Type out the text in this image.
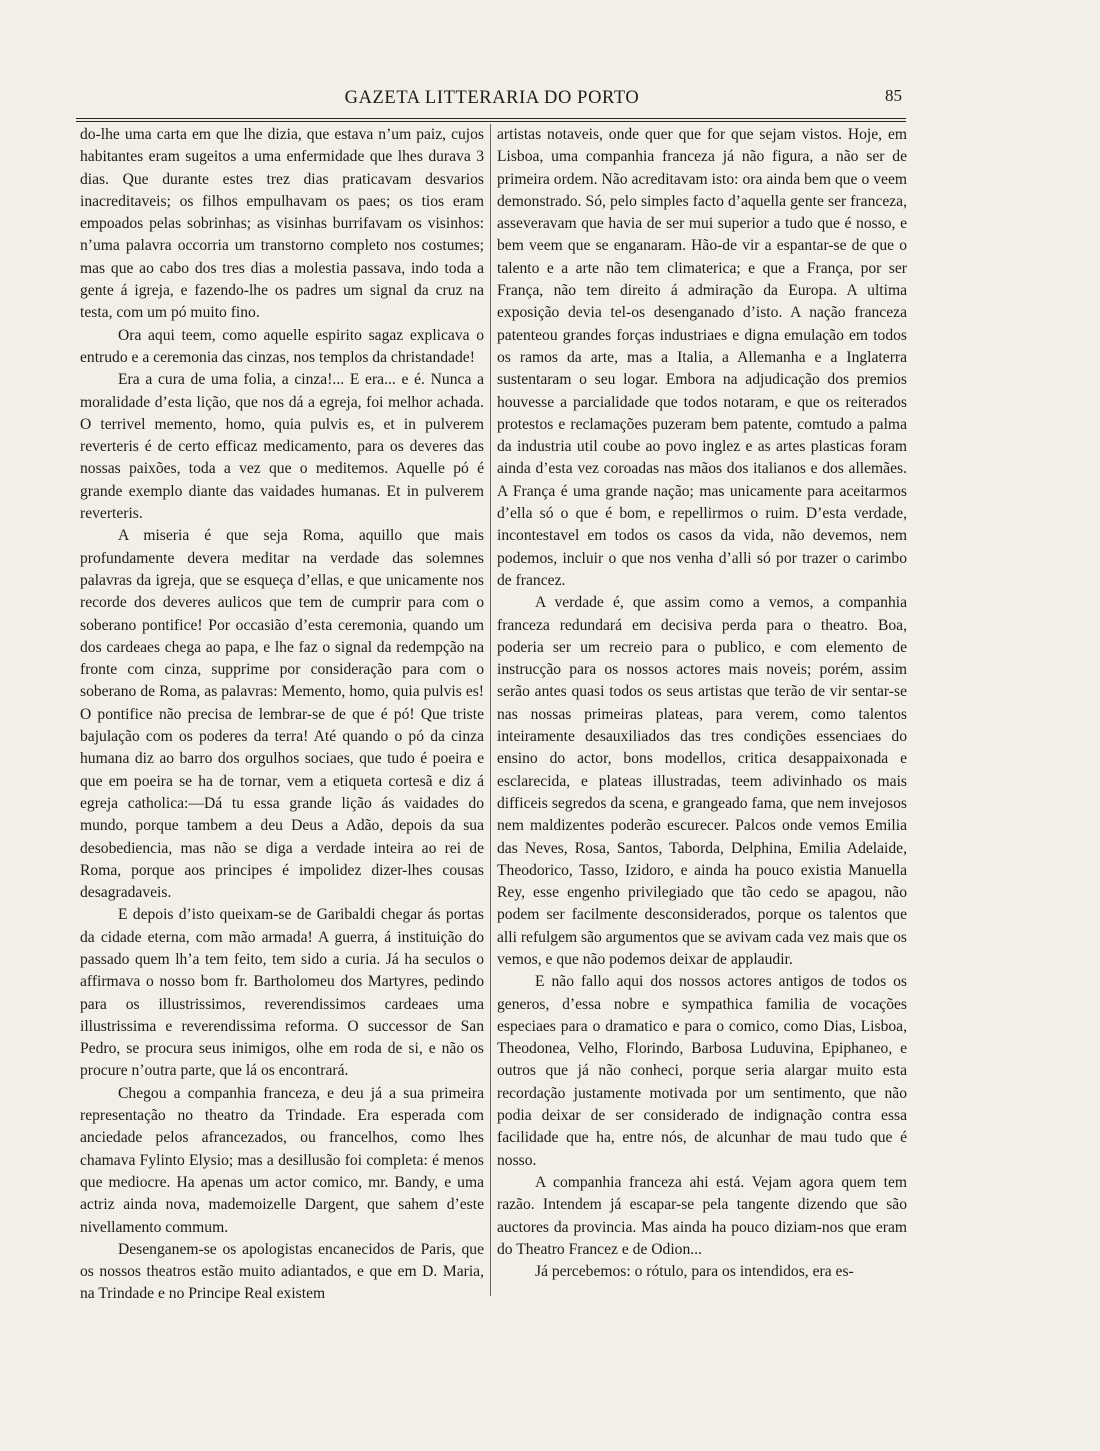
GAZETA LITTERARIA DO PORTO	85

do-lhe uma carta em que lhe dizia, que estava n’um paiz, cujos habitantes eram sugeitos a uma enfermidade que lhes durava 3 dias. Que durante estes trez dias praticavam desvarios inacreditaveis; os filhos empulhavam os paes; os tios eram empoados pelas sobrinhas; as visinhas burrifavam os visinhos: n’uma palavra occorria um transtorno completo nos costumes; mas que ao cabo dos tres dias a molestia passava, indo toda a gente á igreja, e fazendo-lhe os padres um signal da cruz na testa, com um pó muito fino.

Ora aqui teem, como aquelle espirito sagaz explicava o entrudo e a ceremonia das cinzas, nos templos da christandade!

Era a cura de uma folia, a cinza!... E era... e é. Nunca a moralidade d’esta lição, que nos dá a egreja, foi melhor achada. O terrivel memento, homo, quia pulvis es, et in pulverem reverteris é de certo efficaz medicamento, para os deveres das nossas paixões, toda a vez que o meditemos. Aquelle pó é grande exemplo diante das vaidades humanas. Et in pulverem reverteris.

A miseria é que seja Roma, aquillo que mais profundamente devera meditar na verdade das solemnes palavras da igreja, que se esqueça d’ellas, e que unicamente nos recorde dos deveres aulicos que tem de cumprir para com o soberano pontifice! Por occasião d’esta ceremonia, quando um dos cardeaes chega ao papa, e lhe faz o signal da redempção na fronte com cinza, supprime por consideração para com o soberano de Roma, as palavras: Memento, homo, quia pulvis es! O pontifice não precisa de lembrar-se de que é pó! Que triste bajulação com os poderes da terra! Até quando o pó da cinza humana diz ao barro dos orgulhos sociaes, que tudo é poeira e que em poeira se ha de tornar, vem a etiqueta cortesã e diz á egreja catholica:—Dá tu essa grande lição ás vaidades do mundo, porque tambem a deu Deus a Adão, depois da sua desobediencia, mas não se diga a verdade inteira ao rei de Roma, porque aos principes é impolidez dizer-lhes cousas desagradaveis.

E depois d’isto queixam-se de Garibaldi chegar ás portas da cidade eterna, com mão armada! A guerra, á instituição do passado quem lh’a tem feito, tem sido a curia. Já ha seculos o affirmava o nosso bom fr. Bartholomeu dos Martyres, pedindo para os illustrissimos, reverendissimos cardeaes uma illustrissima e reverendissima reforma. O successor de San Pedro, se procura seus inimigos, olhe em roda de si, e não os procure n’outra parte, que lá os encontrará.

Chegou a companhia franceza, e deu já a sua primeira representação no theatro da Trindade. Era esperada com anciedade pelos afrancezados, ou francelhos, como lhes chamava Fylinto Elysio; mas a desillusão foi completa: é menos que mediocre. Ha apenas um actor comico, mr. Bandy, e uma actriz ainda nova, mademoizelle Dargent, que sahem d’este nivellamento commum.

Desenganem-se os apologistas encanecidos de Paris, que os nossos theatros estão muito adiantados, e que em D. Maria, na Trindade e no Principe Real existem

artistas notaveis, onde quer que for que sejam vistos. Hoje, em Lisboa, uma companhia franceza já não figura, a não ser de primeira ordem. Não acreditavam isto: ora ainda bem que o veem demonstrado. Só, pelo simples facto d’aquella gente ser franceza, asseveravam que havia de ser mui superior a tudo que é nosso, e bem veem que se enganaram. Hão-de vir a espantar-se de que o talento e a arte não tem climaterica; e que a França, por ser França, não tem direito á admiração da Europa. A ultima exposição devia tel-os desenganado d’isto. A nação franceza patenteou grandes forças industriaes e digna emulação em todos os ramos da arte, mas a Italia, a Allemanha e a Inglaterra sustentaram o seu logar. Embora na adjudicação dos premios houvesse a parcialidade que todos notaram, e que os reiterados protestos e reclamações puzeram bem patente, comtudo a palma da industria util coube ao povo inglez e as artes plasticas foram ainda d’esta vez coroadas nas mãos dos italianos e dos allemães. A França é uma grande nação; mas unicamente para aceitarmos d’ella só o que é bom, e repellirmos o ruim. D’esta verdade, incontestavel em todos os casos da vida, não devemos, nem podemos, incluir o que nos venha d’alli só por trazer o carimbo de francez.

A verdade é, que assim como a vemos, a companhia franceza redundará em decisiva perda para o theatro. Boa, poderia ser um recreio para o publico, e com elemento de instrucção para os nossos actores mais noveis; porém, assim serão antes quasi todos os seus artistas que terão de vir sentar-se nas nossas primeiras plateas, para verem, como talentos inteiramente desauxiliados das tres condições essenciaes do ensino do actor, bons modellos, critica desappaixonada e esclarecida, e plateas illustradas, teem adivinhado os mais difficeis segredos da scena, e grangeado fama, que nem invejosos nem maldizentes poderão escurecer. Palcos onde vemos Emilia das Neves, Rosa, Santos, Taborda, Delphina, Emilia Adelaide, Theodorico, Tasso, Izidoro, e ainda ha pouco existia Manuella Rey, esse engenho privilegiado que tão cedo se apagou, não podem ser facilmente desconsiderados, porque os talentos que alli refulgem são argumentos que se avivam cada vez mais que os vemos, e que não podemos deixar de applaudir.

E não fallo aqui dos nossos actores antigos de todos os generos, d’essa nobre e sympathica familia de vocações especiaes para o dramatico e para o comico, como Dias, Lisboa, Theodonea, Velho, Florindo, Barbosa Luduvina, Epiphaneo, e outros que já não conheci, porque seria alargar muito esta recordação justamente motivada por um sentimento, que não podia deixar de ser considerado de indignação contra essa facilidade que ha, entre nós, de alcunhar de mau tudo que é nosso.

A companhia franceza ahi está. Vejam agora quem tem razão. Intendem já escapar-se pela tangente dizendo que são auctores da provincia. Mas ainda ha pouco diziam-nos que eram do Theatro Francez e de Odion...

Já percebemos: o rótulo, para os intendidos, era es-
